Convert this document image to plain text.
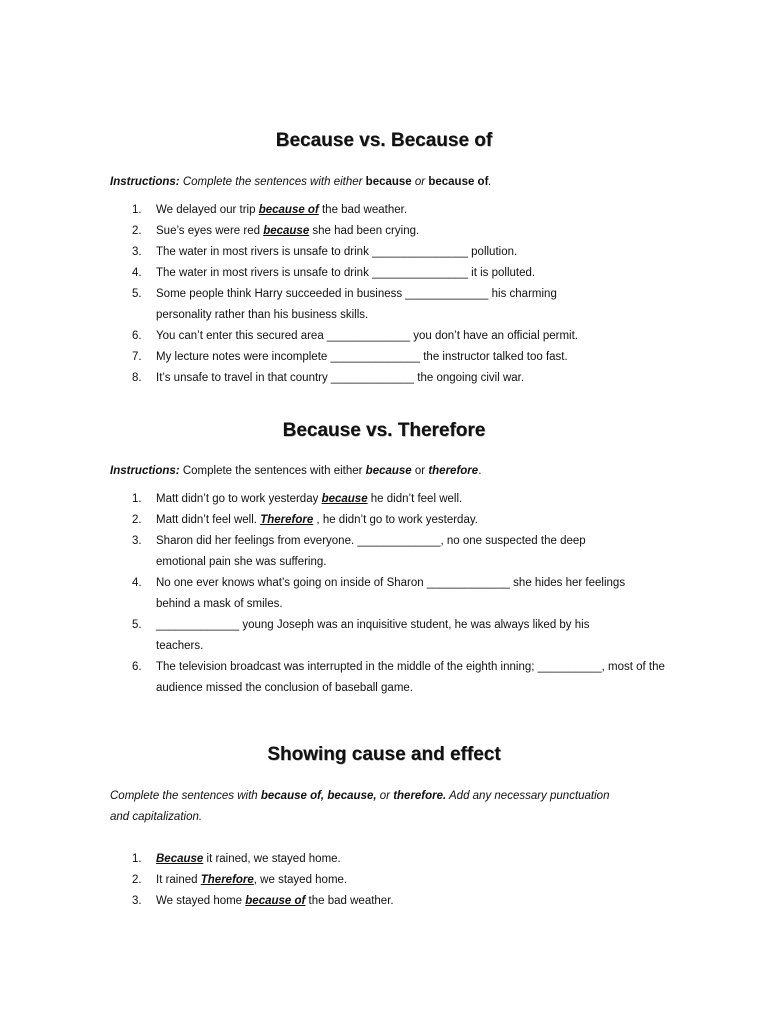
Because vs. Because of

Instructions: Complete the sentences with either because or because of.

1. We delayed our trip because of the bad weather.
2. Sue’s eyes were red because she had been crying.
3. The water in most rivers is unsafe to drink _______________ pollution.
4. The water in most rivers is unsafe to drink _______________ it is polluted.
5. Some people think Harry succeeded in business _____________ his charming personality rather than his business skills.
6. You can’t enter this secured area _____________ you don’t have an official permit.
7. My lecture notes were incomplete ______________ the instructor talked too fast.
8. It’s unsafe to travel in that country _____________ the ongoing civil war.
Because vs. Therefore

Instructions: Complete the sentences with either because or therefore.

1. Matt didn’t go to work yesterday because he didn’t feel well.
2. Matt didn’t feel well. Therefore , he didn’t go to work yesterday.
3. Sharon did her feelings from everyone. _____________, no one suspected the deep emotional pain she was suffering.
4. No one ever knows what’s going on inside of Sharon _____________ she hides her feelings behind a mask of smiles.
5. _____________ young Joseph was an inquisitive student, he was always liked by his teachers.
6. The television broadcast was interrupted in the middle of the eighth inning; __________, most of the audience missed the conclusion of baseball game.
Showing cause and effect

Complete the sentences with because of, because, or therefore. Add any necessary punctuation and capitalization.

1. Because it rained, we stayed home.
2. It rained Therefore, we stayed home.
3. We stayed home because of the bad weather.
